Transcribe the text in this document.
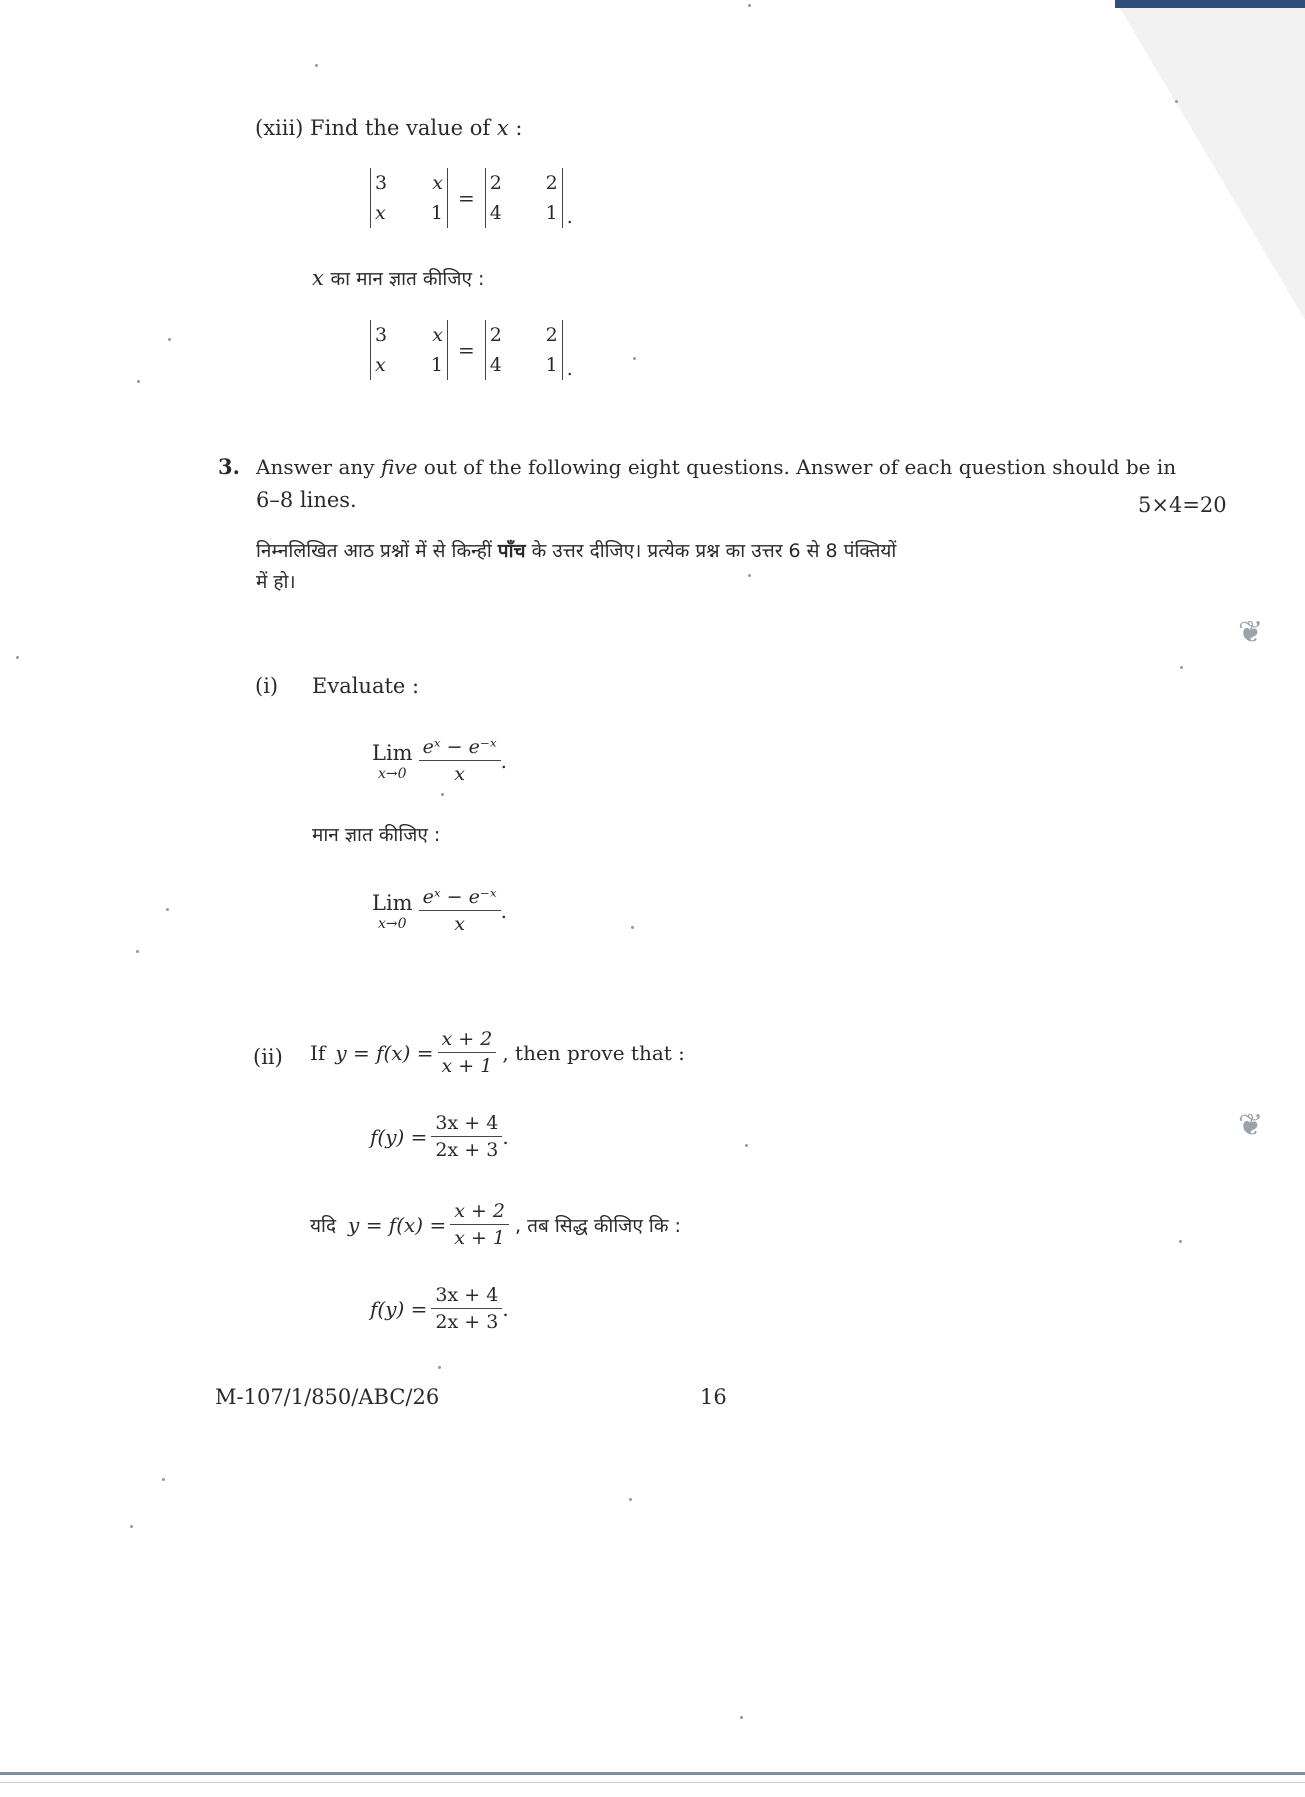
(xiii) Find the value of x :
3	x
x	1
=
2	2
4	1 .
x का मान ज्ञात कीजिए :
3	x
x	1
=
2	2
4	1 .
3. Answer any five out of the following eight questions. Answer of each question should be in
6–8 lines.	5×4=20
निम्नलिखित आठ प्रश्नों में से किन्हीं पाँच के उत्तर दीजिए। प्रत्येक प्रश्न का उत्तर 6 से 8 पंक्तियों
में हो।
(i) Evaluate :
Lim
$x\to 0 \frac{\text{eˣ − e⁻ˣ}}{x}$ .
मान ज्ञात कीजिए :
Lim
$x\to 0 \frac{\text{eˣ − e⁻ˣ}}{x}$ .
(ii) If $y = f(x) = \frac{x + 2}{x + 1}$ , then prove that :
$f(y) = \frac{3x + 4}{2x + 3}$ .
यदि $y = f(x) = \frac{x + 2}{x + 1}$ , तब सिद्ध कीजिए कि :
$f(y) = \frac{3x + 4}{2x + 3}$ .
M-107/1/850/ABC/26	16
❦
❦
